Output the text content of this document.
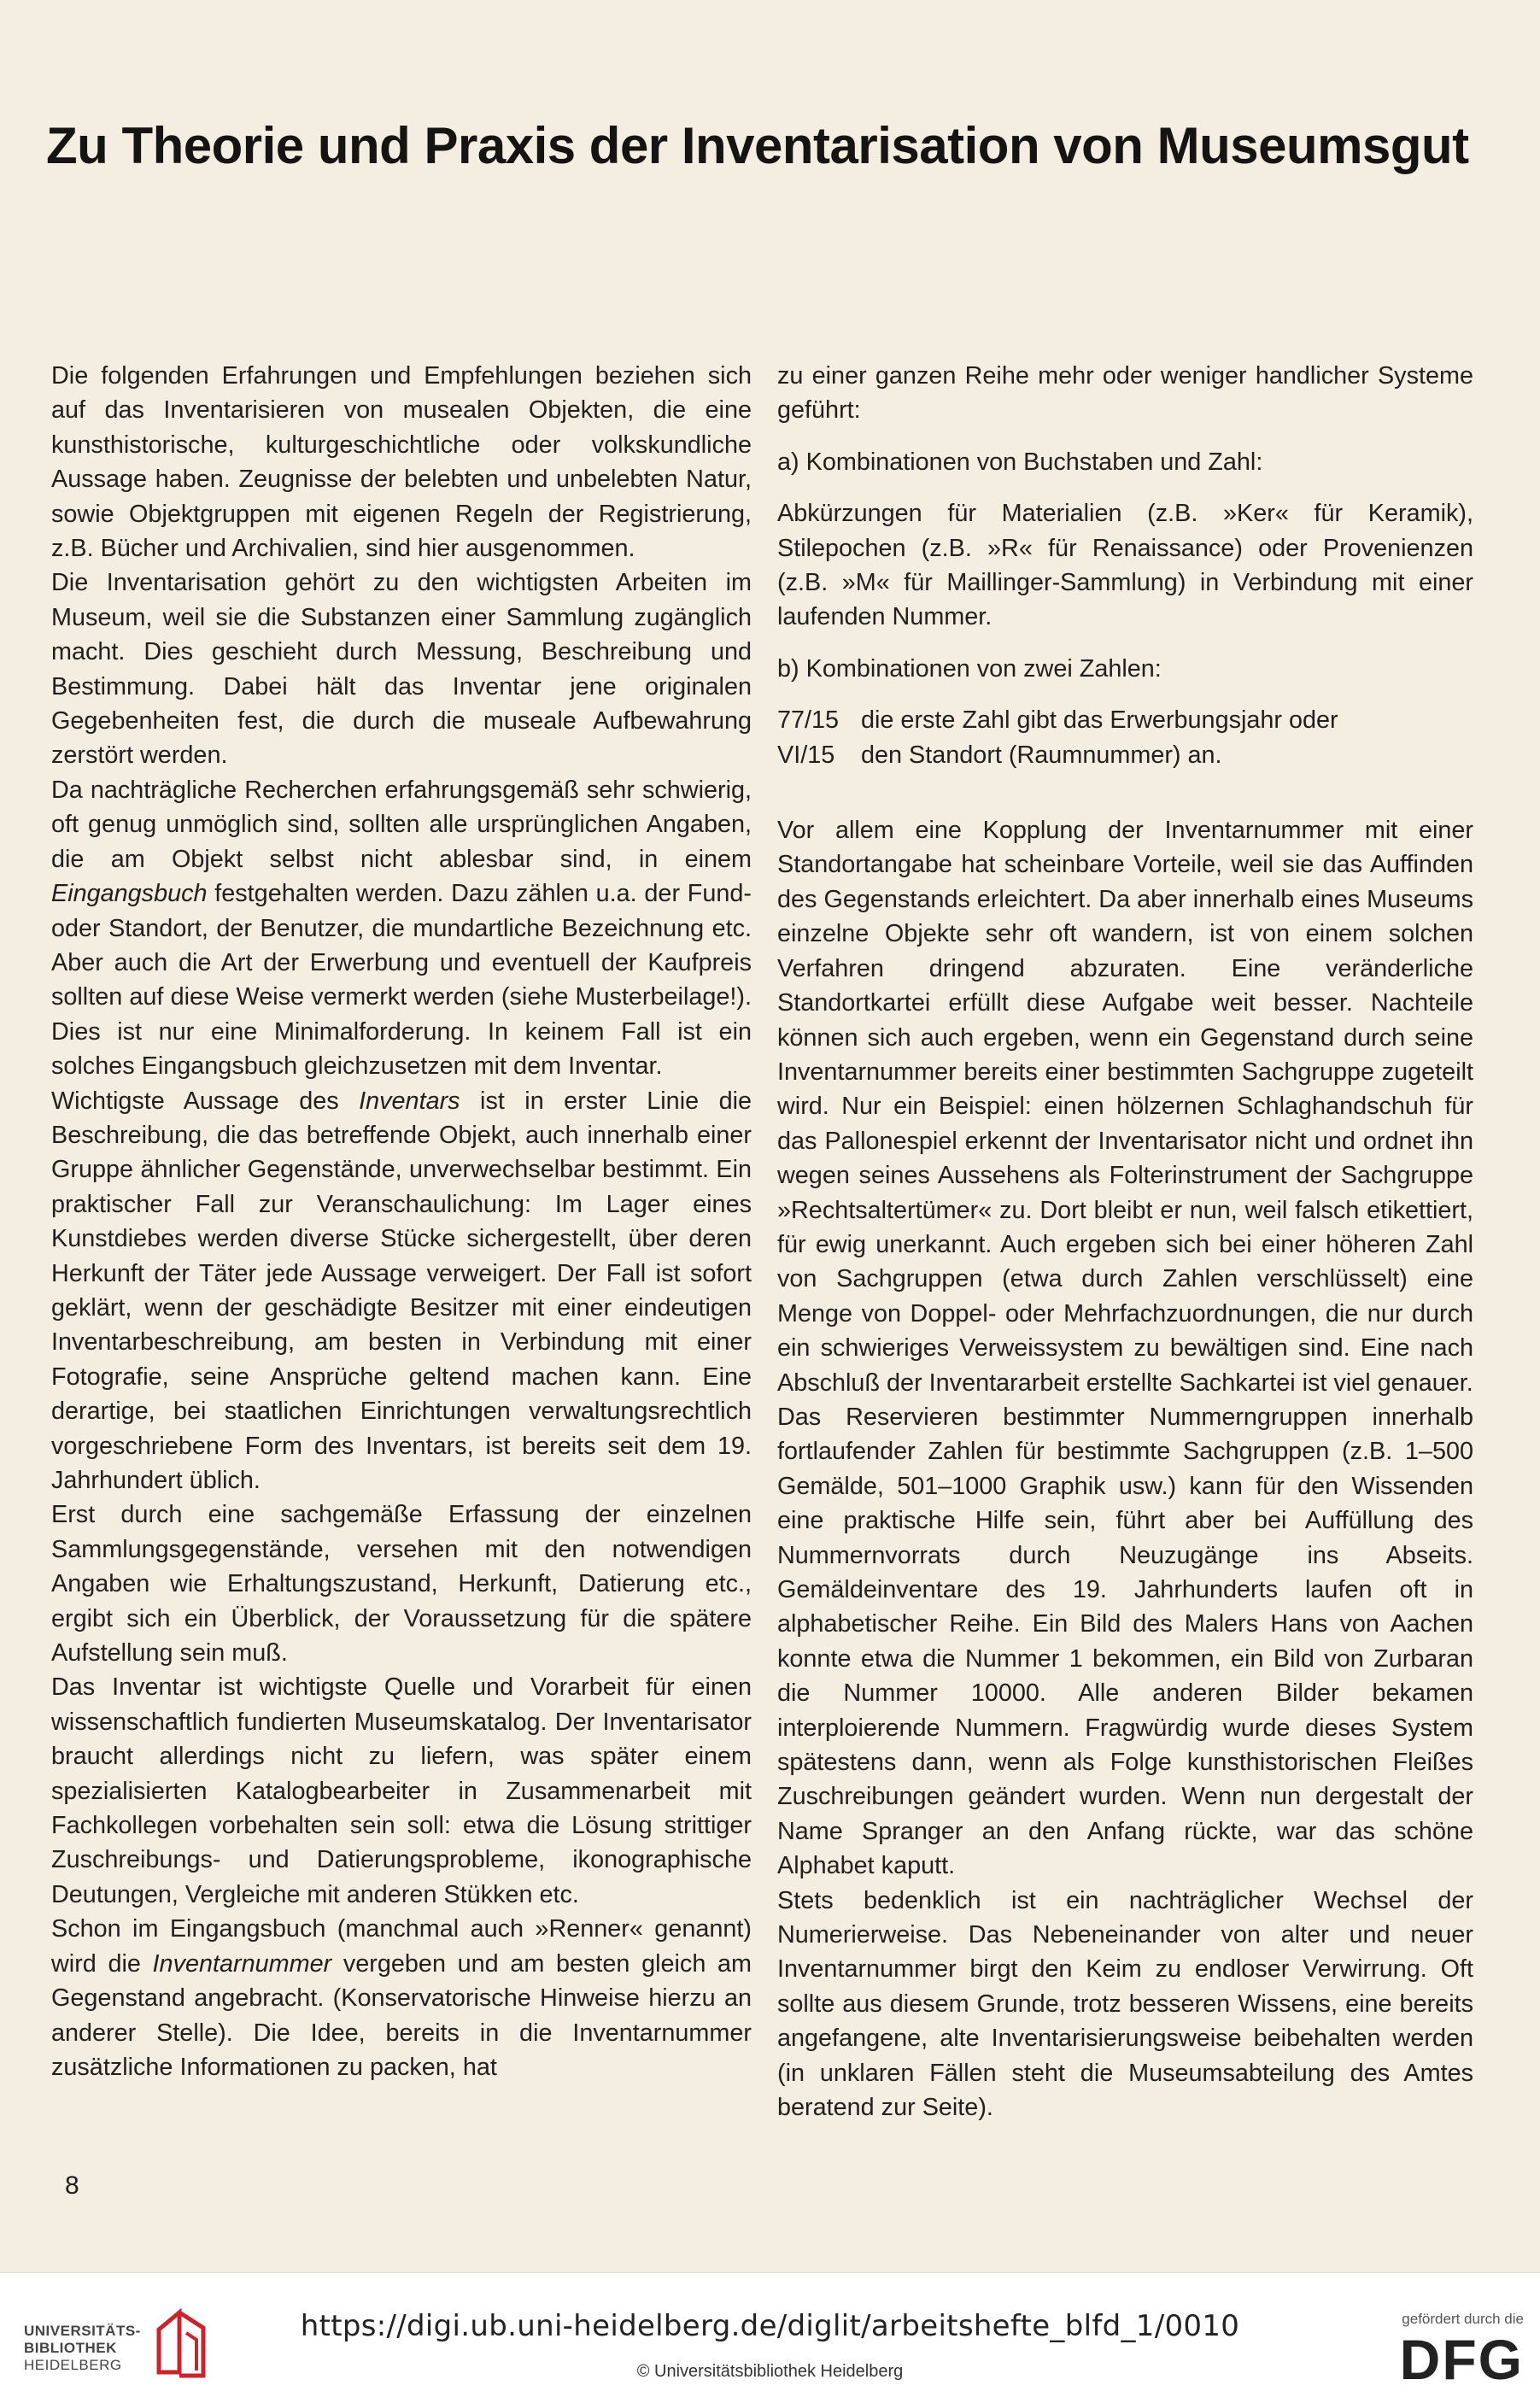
Zu Theorie und Praxis der Inventarisation von Museumsgut

Die folgenden Erfahrungen und Empfehlungen beziehen sich auf das Inventarisieren von musealen Objekten, die eine kunsthistorische, kulturgeschichtliche oder volkskundliche Aussage haben. Zeugnisse der belebten und unbelebten Natur, sowie Objektgruppen mit eigenen Regeln der Registrierung, z.B. Bücher und Archivalien, sind hier ausgenommen.

Die Inventarisation gehört zu den wichtigsten Arbeiten im Museum, weil sie die Substanzen einer Sammlung zugänglich macht. Dies geschieht durch Messung, Beschreibung und Bestimmung. Dabei hält das Inventar jene originalen Gegebenheiten fest, die durch die museale Aufbewahrung zerstört werden.

Da nachträgliche Recherchen erfahrungsgemäß sehr schwierig, oft genug unmöglich sind, sollten alle ursprünglichen Angaben, die am Objekt selbst nicht ablesbar sind, in einem Eingangsbuch festgehalten werden. Dazu zählen u.a. der Fund- oder Standort, der Benutzer, die mundartliche Bezeichnung etc. Aber auch die Art der Erwerbung und eventuell der Kaufpreis sollten auf diese Weise vermerkt werden (siehe Musterbeilage!). Dies ist nur eine Minimalforderung. In keinem Fall ist ein solches Eingangsbuch gleichzusetzen mit dem Inventar.

Wichtigste Aussage des Inventars ist in erster Linie die Beschreibung, die das betreffende Objekt, auch innerhalb einer Gruppe ähnlicher Gegenstände, unverwechselbar bestimmt. Ein praktischer Fall zur Veranschaulichung: Im Lager eines Kunstdiebes werden diverse Stücke sichergestellt, über deren Herkunft der Täter jede Aussage verweigert. Der Fall ist sofort geklärt, wenn der geschädigte Besitzer mit einer eindeutigen Inventarbeschreibung, am besten in Verbindung mit einer Fotografie, seine Ansprüche geltend machen kann. Eine derartige, bei staatlichen Einrichtungen verwaltungsrechtlich vorgeschriebene Form des Inventars, ist bereits seit dem 19. Jahrhundert üblich.

Erst durch eine sachgemäße Erfassung der einzelnen Sammlungsgegenstände, versehen mit den notwendigen Angaben wie Erhaltungszustand, Herkunft, Datierung etc., ergibt sich ein Überblick, der Voraussetzung für die spätere Aufstellung sein muß.

Das Inventar ist wichtigste Quelle und Vorarbeit für einen wissenschaftlich fundierten Museumskatalog. Der Inventarisator braucht allerdings nicht zu liefern, was später einem spezialisierten Katalogbearbeiter in Zusammenarbeit mit Fachkollegen vorbehalten sein soll: etwa die Lösung strittiger Zuschreibungs- und Datierungsprobleme, ikonographische Deutungen, Vergleiche mit anderen Stükken etc.

Schon im Eingangsbuch (manchmal auch »Renner« genannt) wird die Inventarnummer vergeben und am besten gleich am Gegenstand angebracht. (Konservatorische Hinweise hierzu an anderer Stelle). Die Idee, bereits in die Inventarnummer zusätzliche Informationen zu packen, hat

zu einer ganzen Reihe mehr oder weniger handlicher Systeme geführt:

a) Kombinationen von Buchstaben und Zahl:

Abkürzungen für Materialien (z.B. »Ker« für Keramik), Stilepochen (z.B. »R« für Renaissance) oder Provenienzen (z.B. »M« für Maillinger-Sammlung) in Verbindung mit einer laufenden Nummer.

b) Kombinationen von zwei Zahlen:

77/15 die erste Zahl gibt das Erwerbungsjahr oder
VI/15	den Standort (Raumnummer) an.

Vor allem eine Kopplung der Inventarnummer mit einer Standortangabe hat scheinbare Vorteile, weil sie das Auffinden des Gegenstands erleichtert. Da aber innerhalb eines Museums einzelne Objekte sehr oft wandern, ist von einem solchen Verfahren dringend abzuraten. Eine veränderliche Standortkartei erfüllt diese Aufgabe weit besser. Nachteile können sich auch ergeben, wenn ein Gegenstand durch seine Inventarnummer bereits einer bestimmten Sachgruppe zugeteilt wird. Nur ein Beispiel: einen hölzernen Schlaghandschuh für das Pallonespiel erkennt der Inventarisator nicht und ordnet ihn wegen seines Aussehens als Folterinstrument der Sachgruppe »Rechtsaltertümer« zu. Dort bleibt er nun, weil falsch etikettiert, für ewig unerkannt. Auch ergeben sich bei einer höheren Zahl von Sachgruppen (etwa durch Zahlen verschlüsselt) eine Menge von Doppel- oder Mehrfachzuordnungen, die nur durch ein schwieriges Verweissystem zu bewältigen sind. Eine nach Abschluß der Inventararbeit erstellte Sachkartei ist viel genauer.

Das Reservieren bestimmter Nummerngruppen innerhalb fortlaufender Zahlen für bestimmte Sachgruppen (z.B. 1–500 Gemälde, 501–1000 Graphik usw.) kann für den Wissenden eine praktische Hilfe sein, führt aber bei Auffüllung des Nummernvorrats durch Neuzugänge ins Abseits. Gemäldeinventare des 19. Jahrhunderts laufen oft in alphabetischer Reihe. Ein Bild des Malers Hans von Aachen konnte etwa die Nummer 1 bekommen, ein Bild von Zurbaran die Nummer 10000. Alle anderen Bilder bekamen interploierende Nummern. Fragwürdig wurde dieses System spätestens dann, wenn als Folge kunsthistorischen Fleißes Zuschreibungen geändert wurden. Wenn nun dergestalt der Name Spranger an den Anfang rückte, war das schöne Alphabet kaputt.

Stets bedenklich ist ein nachträglicher Wechsel der Numerierweise. Das Nebeneinander von alter und neuer Inventarnummer birgt den Keim zu endloser Verwirrung. Oft sollte aus diesem Grunde, trotz besseren Wissens, eine bereits angefangene, alte Inventarisierungsweise beibehalten werden (in unklaren Fällen steht die Museumsabteilung des Amtes beratend zur Seite).

8
UNIVERSITÄTS-
BIBLIOTHEK
HEIDELBERG
https://digi.ub.uni-heidelberg.de/diglit/arbeitshefte_blfd_1/0010
© Universitätsbibliothek Heidelberg
gefördert durch die
DFG
